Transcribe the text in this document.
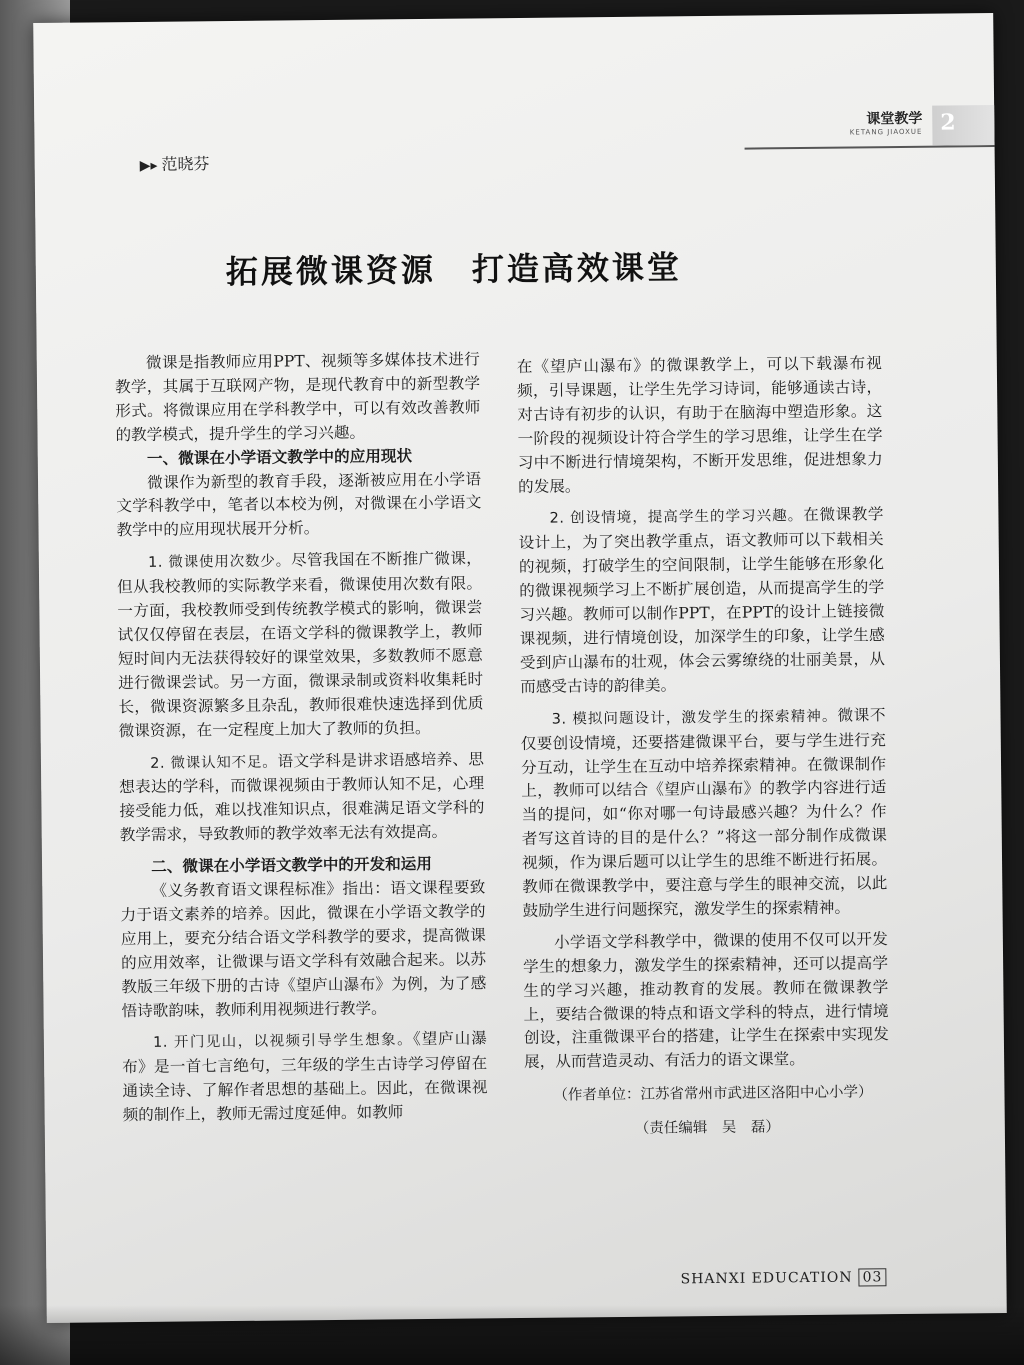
课堂教学
KETANG JIAOXUE 2
▶▸ 范晓芬
拓展微课资源 打造高效课堂

微课是指教师应用PPT、视频等多媒体技术进行教学，其属于互联网产物，是现代教育中的新型教学形式。将微课应用在学科教学中，可以有效改善教师的教学模式，提升学生的学习兴趣。

一、微课在小学语文教学中的应用现状

微课作为新型的教育手段，逐渐被应用在小学语文学科教学中，笔者以本校为例，对微课在小学语文教学中的应用现状展开分析。

1. 微课使用次数少。尽管我国在不断推广微课，但从我校教师的实际教学来看，微课使用次数有限。一方面，我校教师受到传统教学模式的影响，微课尝试仅仅停留在表层，在语文学科的微课教学上，教师短时间内无法获得较好的课堂效果，多数教师不愿意进行微课尝试。另一方面，微课录制或资料收集耗时长，微课资源繁多且杂乱，教师很难快速选择到优质微课资源，在一定程度上加大了教师的负担。

2. 微课认知不足。语文学科是讲求语感培养、思想表达的学科，而微课视频由于教师认知不足，心理接受能力低，难以找准知识点，很难满足语文学科的教学需求，导致教师的教学效率无法有效提高。

二、微课在小学语文教学中的开发和运用

《义务教育语文课程标准》指出：语文课程要致力于语文素养的培养。因此，微课在小学语文教学的应用上，要充分结合语文学科教学的要求，提高微课的应用效率，让微课与语文学科有效融合起来。以苏教版三年级下册的古诗《望庐山瀑布》为例，为了感悟诗歌韵味，教师利用视频进行教学。

1. 开门见山，以视频引导学生想象。《望庐山瀑布》是一首七言绝句，三年级的学生古诗学习停留在通读全诗、了解作者思想的基础上。因此，在微课视频的制作上，教师无需过度延伸。如教师

在《望庐山瀑布》的微课教学上，可以下载瀑布视频，引导课题，让学生先学习诗词，能够通读古诗，对古诗有初步的认识，有助于在脑海中塑造形象。这一阶段的视频设计符合学生的学习思维，让学生在学习中不断进行情境架构，不断开发思维，促进想象力的发展。

2. 创设情境，提高学生的学习兴趣。在微课教学设计上，为了突出教学重点，语文教师可以下载相关的视频，打破学生的空间限制，让学生能够在形象化的微课视频学习上不断扩展创造，从而提高学生的学习兴趣。教师可以制作PPT，在PPT的设计上链接微课视频，进行情境创设，加深学生的印象，让学生感受到庐山瀑布的壮观，体会云雾缭绕的壮丽美景，从而感受古诗的韵律美。

3. 模拟问题设计，激发学生的探索精神。微课不仅要创设情境，还要搭建微课平台，要与学生进行充分互动，让学生在互动中培养探索精神。在微课制作上，教师可以结合《望庐山瀑布》的教学内容进行适当的提问，如“你对哪一句诗最感兴趣？为什么？作者写这首诗的目的是什么？”将这一部分制作成微课视频，作为课后题可以让学生的思维不断进行拓展。教师在微课教学中，要注意与学生的眼神交流，以此鼓励学生进行问题探究，激发学生的探索精神。

小学语文学科教学中，微课的使用不仅可以开发学生的想象力，激发学生的探索精神，还可以提高学生的学习兴趣，推动教育的发展。教师在微课教学上，要结合微课的特点和语文学科的特点，进行情境创设，注重微课平台的搭建，让学生在探索中实现发展，从而营造灵动、有活力的语文课堂。

（作者单位：江苏省常州市武进区洛阳中心小学）

（责任编辑　吴　磊）

SHANXI EDUCATION 03
